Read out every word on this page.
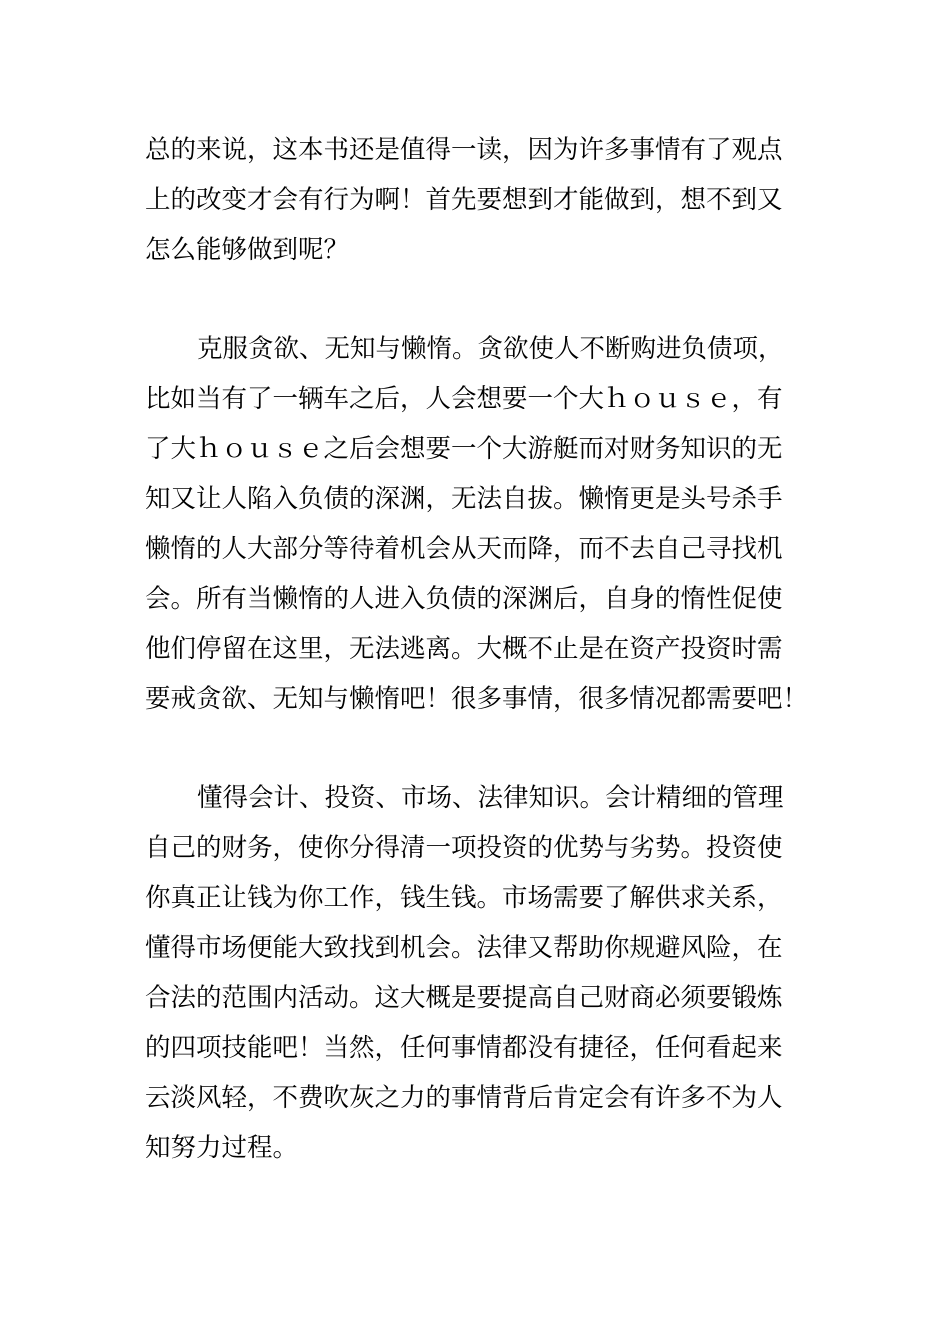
总的来说，这本书还是值得一读，因为许多事情有了观点
上的改变才会有行为啊！首先要想到才能做到，想不到又
怎么能够做到呢？
克服贪欲、无知与懒惰。贪欲使人不断购进负债项，
比如当有了一辆车之后，人会想要一个大ｈｏｕｓｅ，有
了大ｈｏｕｓｅ之后会想要一个大游艇而对财务知识的无
知又让人陷入负债的深渊，无法自拔。懒惰更是头号杀手
懒惰的人大部分等待着机会从天而降，而不去自己寻找机
会。所有当懒惰的人进入负债的深渊后，自身的惰性促使
他们停留在这里，无法逃离。大概不止是在资产投资时需
要戒贪欲、无知与懒惰吧！很多事情，很多情况都需要吧！
懂得会计、投资、市场、法律知识。会计精细的管理
自己的财务，使你分得清一项投资的优势与劣势。投资使
你真正让钱为你工作，钱生钱。市场需要了解供求关系，
懂得市场便能大致找到机会。法律又帮助你规避风险，在
合法的范围内活动。这大概是要提高自己财商必须要锻炼
的四项技能吧！当然，任何事情都没有捷径，任何看起来
云淡风轻，不费吹灰之力的事情背后肯定会有许多不为人
知努力过程。
